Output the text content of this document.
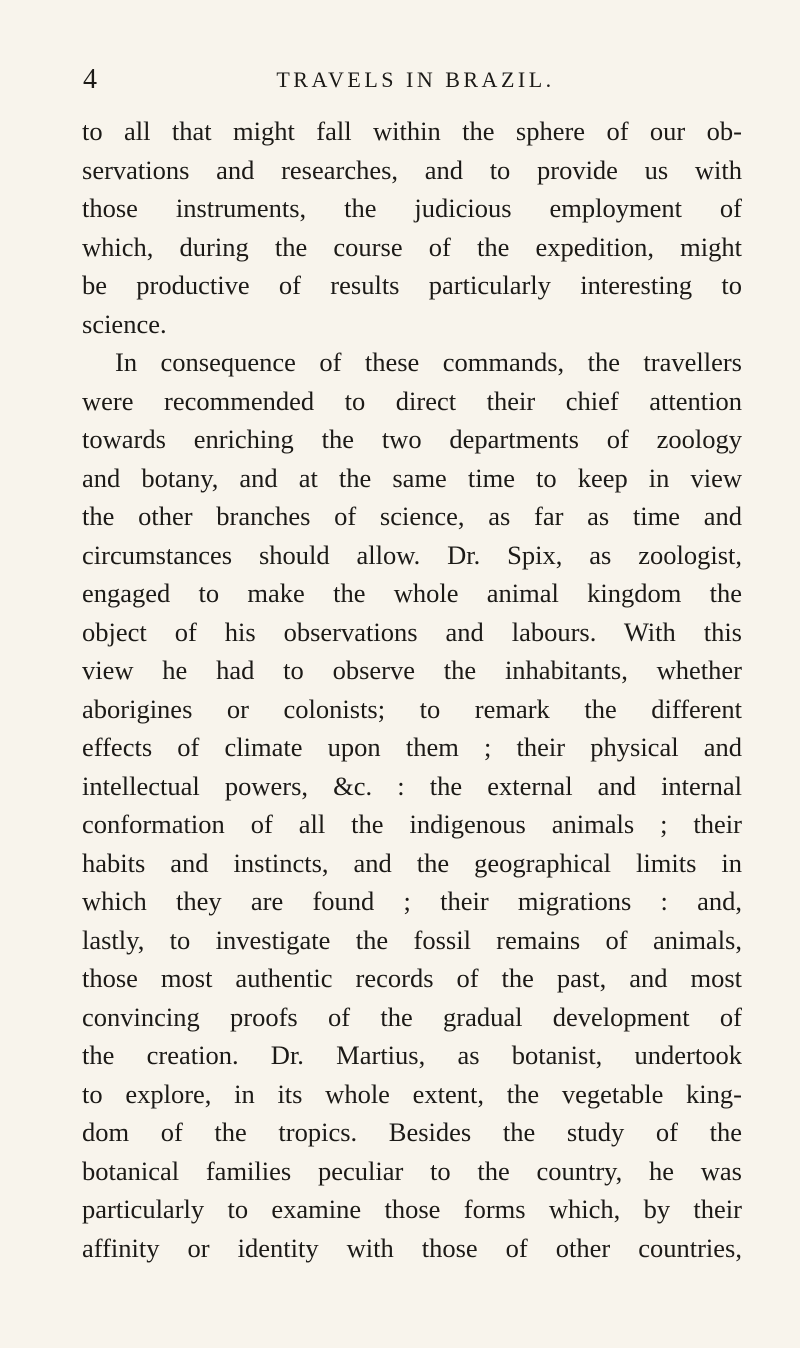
4	TRAVELS IN BRAZIL.
to all that might fall within the sphere of our ob-
servations and researches, and to provide us with
those instruments, the judicious employment of
which, during the course of the expedition, might
be productive of results particularly interesting to
science.
In consequence of these commands, the travellers
were recommended to direct their chief attention
towards enriching the two departments of zoology
and botany, and at the same time to keep in view
the other branches of science, as far as time and
circumstances should allow. Dr. Spix, as zoologist,
engaged to make the whole animal kingdom the
object of his observations and labours. With this
view he had to observe the inhabitants, whether
aborigines or colonists; to remark the different
effects of climate upon them ; their physical and
intellectual powers, &c. : the external and internal
conformation of all the indigenous animals ; their
habits and instincts, and the geographical limits in
which they are found ; their migrations : and,
lastly, to investigate the fossil remains of animals,
those most authentic records of the past, and most
convincing proofs of the gradual development of
the creation. Dr. Martius, as botanist, undertook
to explore, in its whole extent, the vegetable king-
dom of the tropics. Besides the study of the
botanical families peculiar to the country, he was
particularly to examine those forms which, by their
affinity or identity with those of other countries,
